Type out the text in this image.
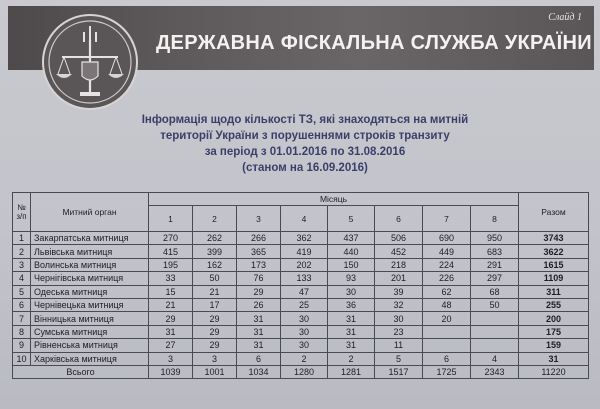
Слайд 1
ДЕРЖАВНА ФІСКАЛЬНА СЛУЖБА УКРАЇНИ
Інформація щодо кількості ТЗ, які знаходяться на митній
території України з порушеннями строків транзиту
за період з 01.01.2016 по 31.08.2016
(станом на 16.09.2016)
№ з/п	Митний орган	Місяць								Разом
		1	2	3	4	5	6	7	8	
1	Закарпатська митниця	270	262	266	362	437	506	690	950	3743
2	Львівська митниця	415	399	365	419	440	452	449	683	3622
3	Волинська митниця	195	162	173	202	150	218	224	291	1615
4	Чернігівська митниця	33	50	76	133	93	201	226	297	1109
5	Одеська митниця	15	21	29	47	30	39	62	68	311
6	Чернівецька митниця	21	17	26	25	36	32	48	50	255
7	Вінницька митниця	29	29	31	30	31	30	20		200
8	Сумська митниця	31	29	31	30	31	23			175
9	Рівненська митниця	27	29	31	30	31	11			159
10	Харківська митниця	3	3	6	2	2	5	6	4	31
Всього		1039	1001	1034	1280	1281	1517	1725	2343	11220
